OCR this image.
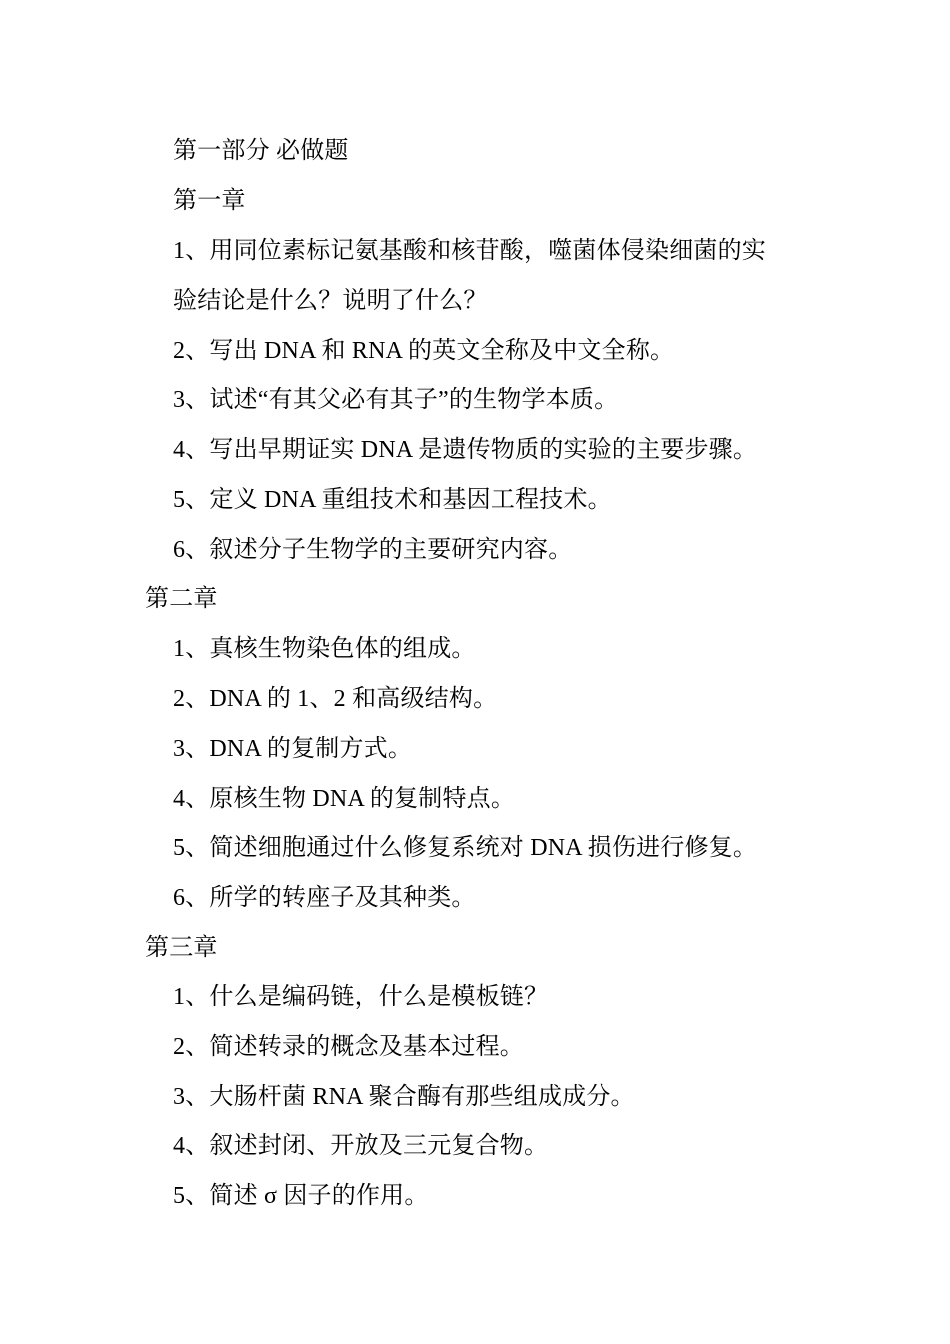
第一部分 必做题
第一章
1、用同位素标记氨基酸和核苷酸，噬菌体侵染细菌的实
验结论是什么？说明了什么？
2、写出 DNA 和 RNA 的英文全称及中文全称。
3、试述“有其父必有其子”的生物学本质。
4、写出早期证实 DNA 是遗传物质的实验的主要步骤。
5、定义 DNA 重组技术和基因工程技术。
6、叙述分子生物学的主要研究内容。
第二章
1、真核生物染色体的组成。
2、DNA 的 1、2 和高级结构。
3、DNA 的复制方式。
4、原核生物 DNA 的复制特点。
5、简述细胞通过什么修复系统对 DNA 损伤进行修复。
6、所学的转座子及其种类。
第三章
1、什么是编码链，什么是模板链？
2、简述转录的概念及基本过程。
3、大肠杆菌 RNA 聚合酶有那些组成成分。
4、叙述封闭、开放及三元复合物。
5、简述 σ 因子的作用。
